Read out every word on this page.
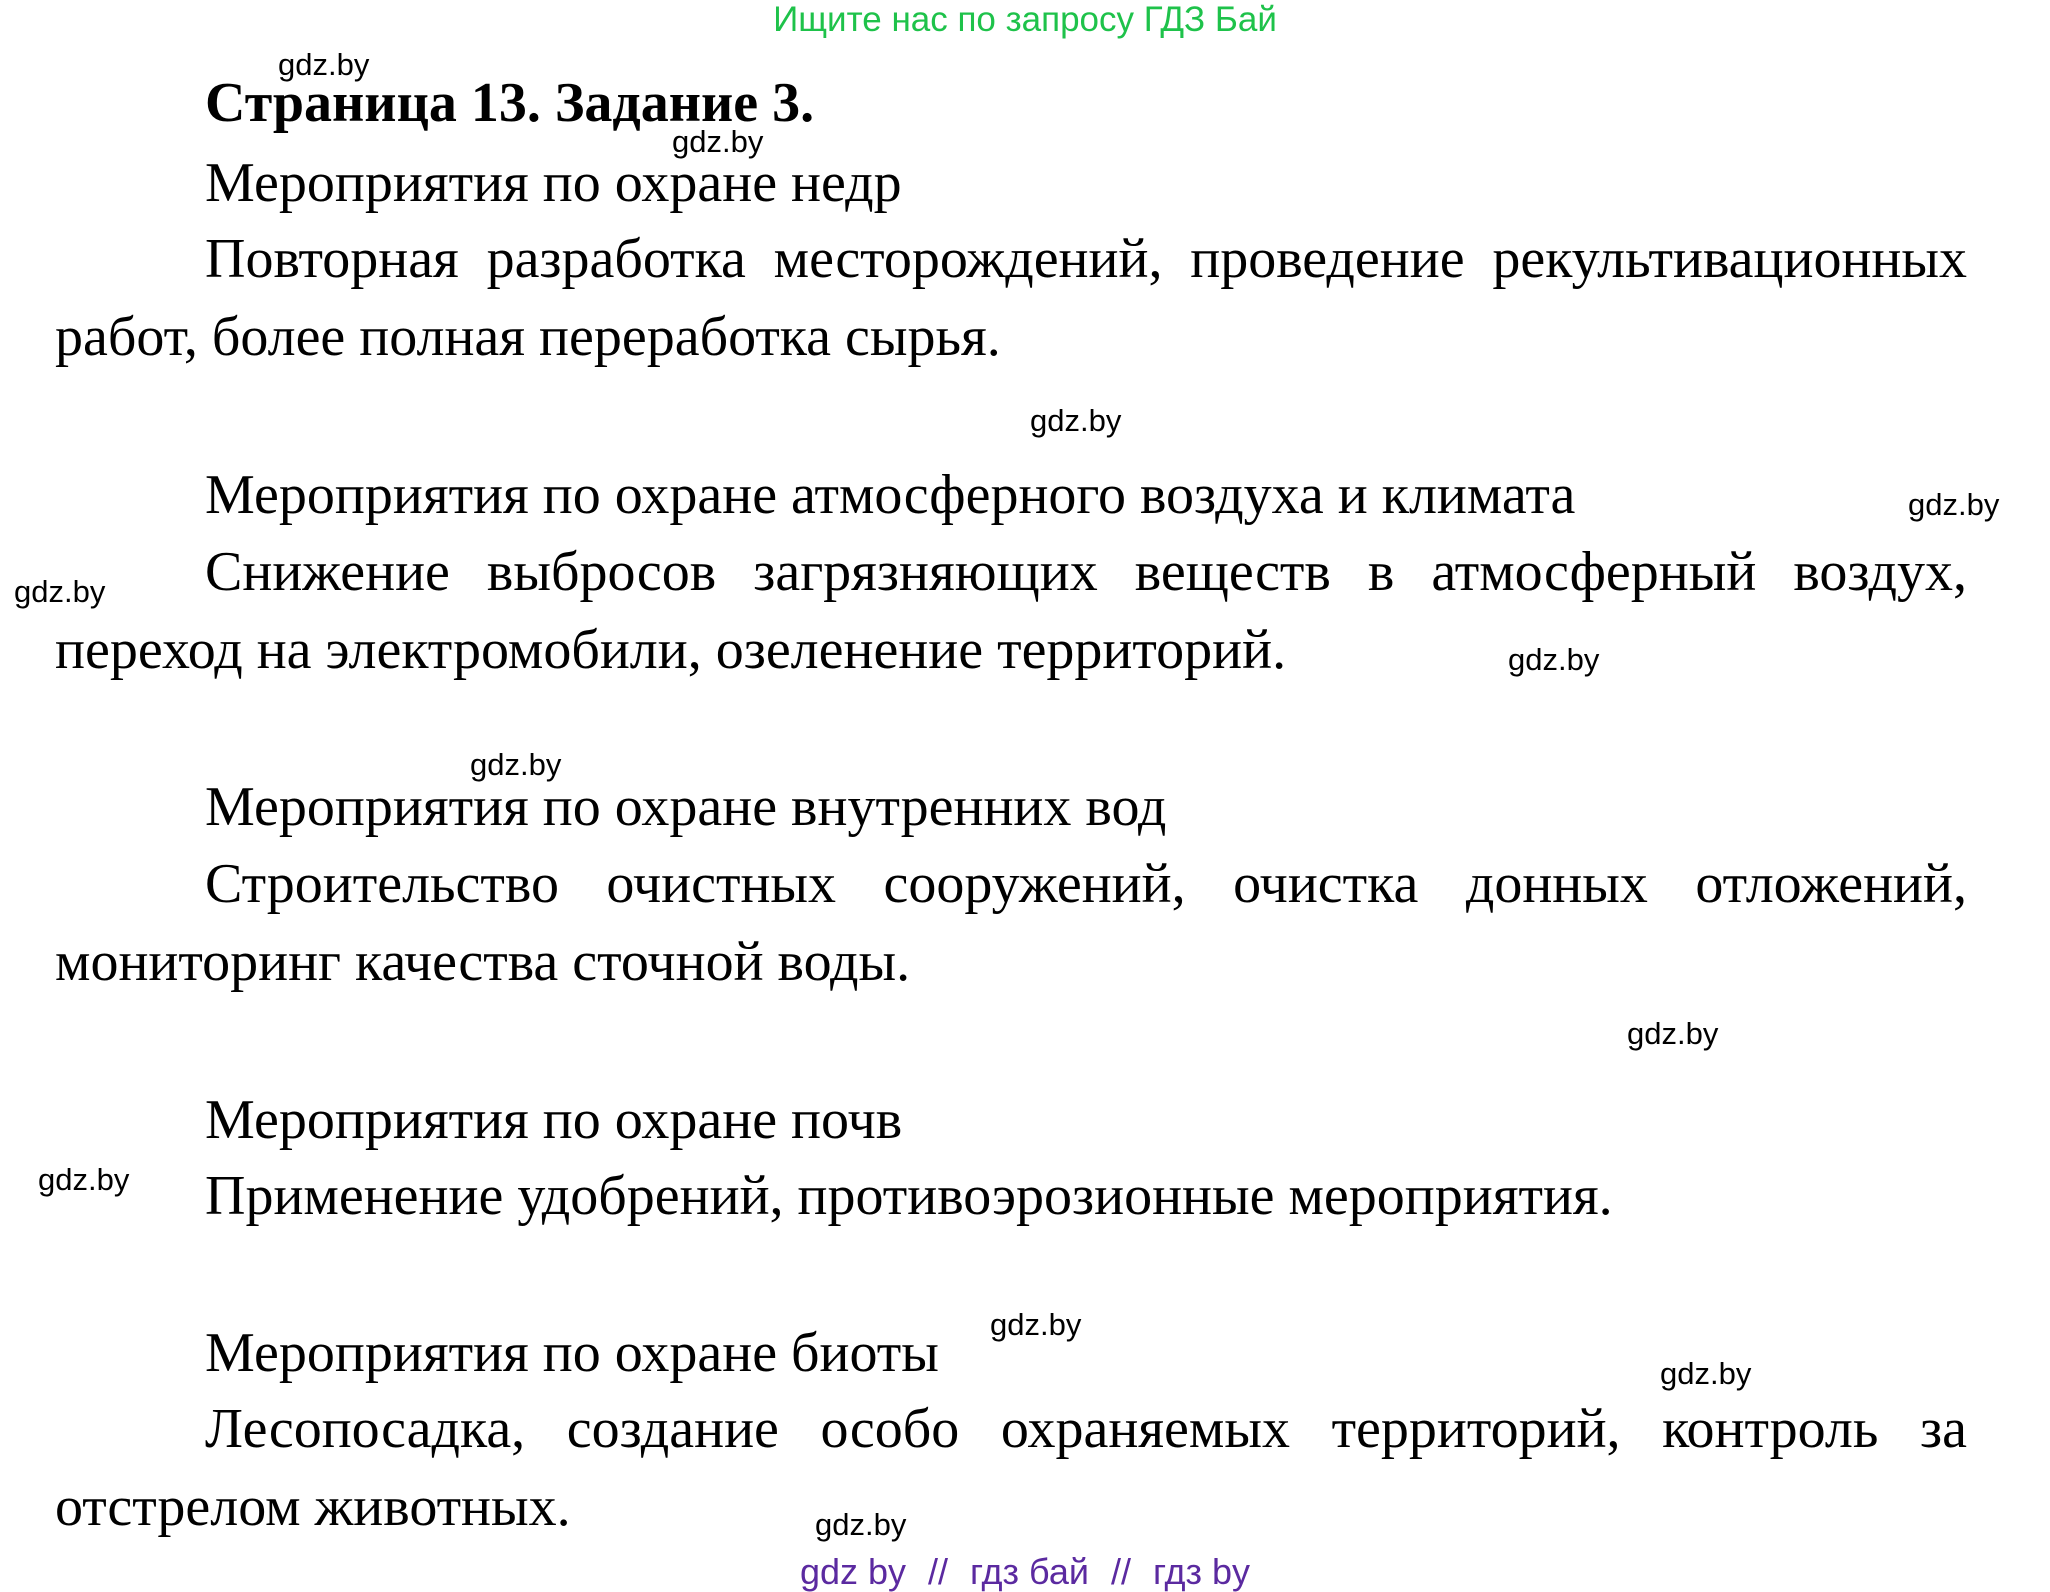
Ищите нас по запросу ГДЗ Бай
Страница 13. Задание 3.
Мероприятия по охране недр
Повторная разработка месторождений, проведение рекультивационных работ, более полная переработка сырья.
Мероприятия по охране атмосферного воздуха и климата
Снижение выбросов загрязняющих веществ в атмосферный воздух, переход на электромобили, озеленение территорий.
Мероприятия по охране внутренних вод
Строительство очистных сооружений, очистка донных отложений, мониторинг качества сточной воды.
Мероприятия по охране почв
Применение удобрений, противоэрозионные мероприятия.
Мероприятия по охране биоты
Лесопосадка, создание особо охраняемых территорий, контроль за отстрелом животных.
gdz.by
gdz.by
gdz.by
gdz.by
gdz.by
gdz.by
gdz.by
gdz.by
gdz.by
gdz.by
gdz.by
gdz.by
gdz by // гдз бай // гдз by
